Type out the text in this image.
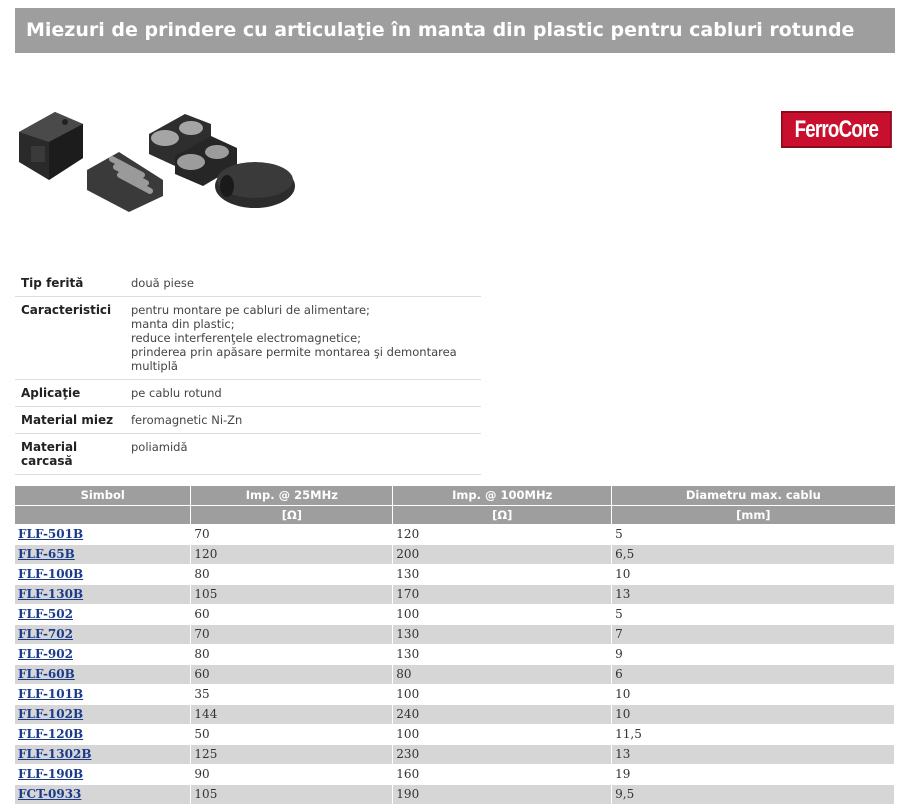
Miezuri de prindere cu articulaţie în manta din plastic pentru cabluri rotunde
FerroCore
Tip ferită	două piese

Caracteristici	pentru montare pe cabluri de alimentare;
manta din plastic;
reduce interferenţele electromagnetice;
prinderea prin apăsare permite montarea şi demontarea multiplă

Aplicaţie	pe cablu rotund

Material miez	feromagnetic Ni-Zn

Material carcasă	poliamidă
Simbol	Imp. @ 25MHz	Imp. @ 100MHz	Diametru max. cablu
	[Ω]	[Ω]	[mm]
FLF-501B	70	120	5
FLF-65B	120	200	6,5
FLF-100B	80	130	10
FLF-130B	105	170	13
FLF-502	60	100	5
FLF-702	70	130	7
FLF-902	80	130	9
FLF-60B	60	80	6
FLF-101B	35	100	10
FLF-102B	144	240	10
FLF-120B	50	100	11,5
FLF-1302B	125	230	13
FLF-190B	90	160	19
FCT-0933	105	190	9,5
